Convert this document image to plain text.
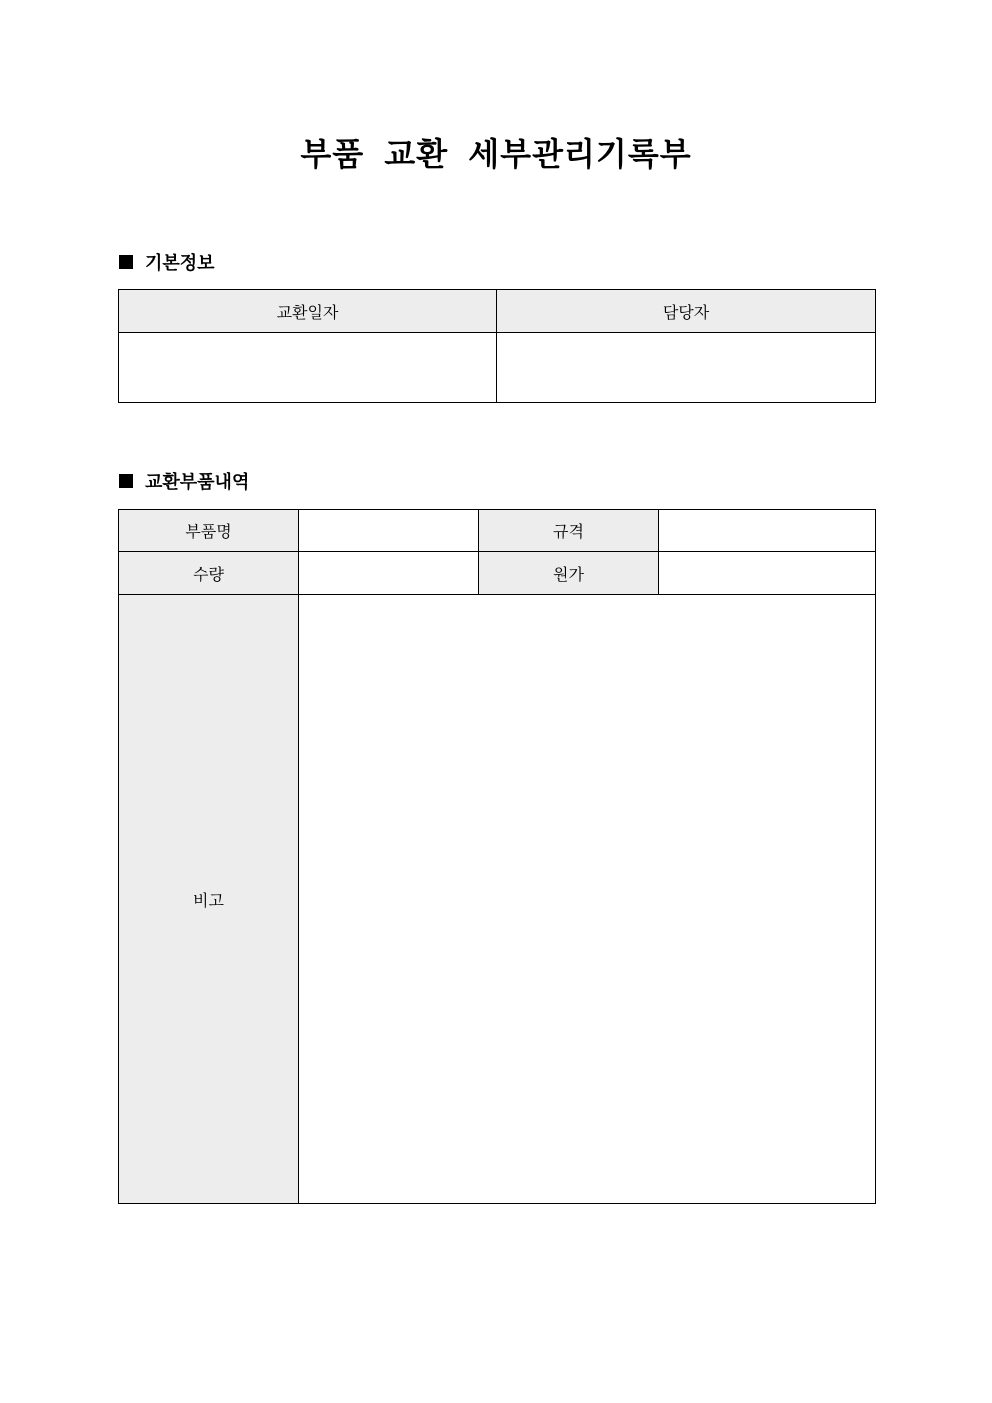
부품 교환 세부관리기록부
기본정보
교환일자	담당자

교환부품내역
부품명		규격	
수량		원가	
비고			
